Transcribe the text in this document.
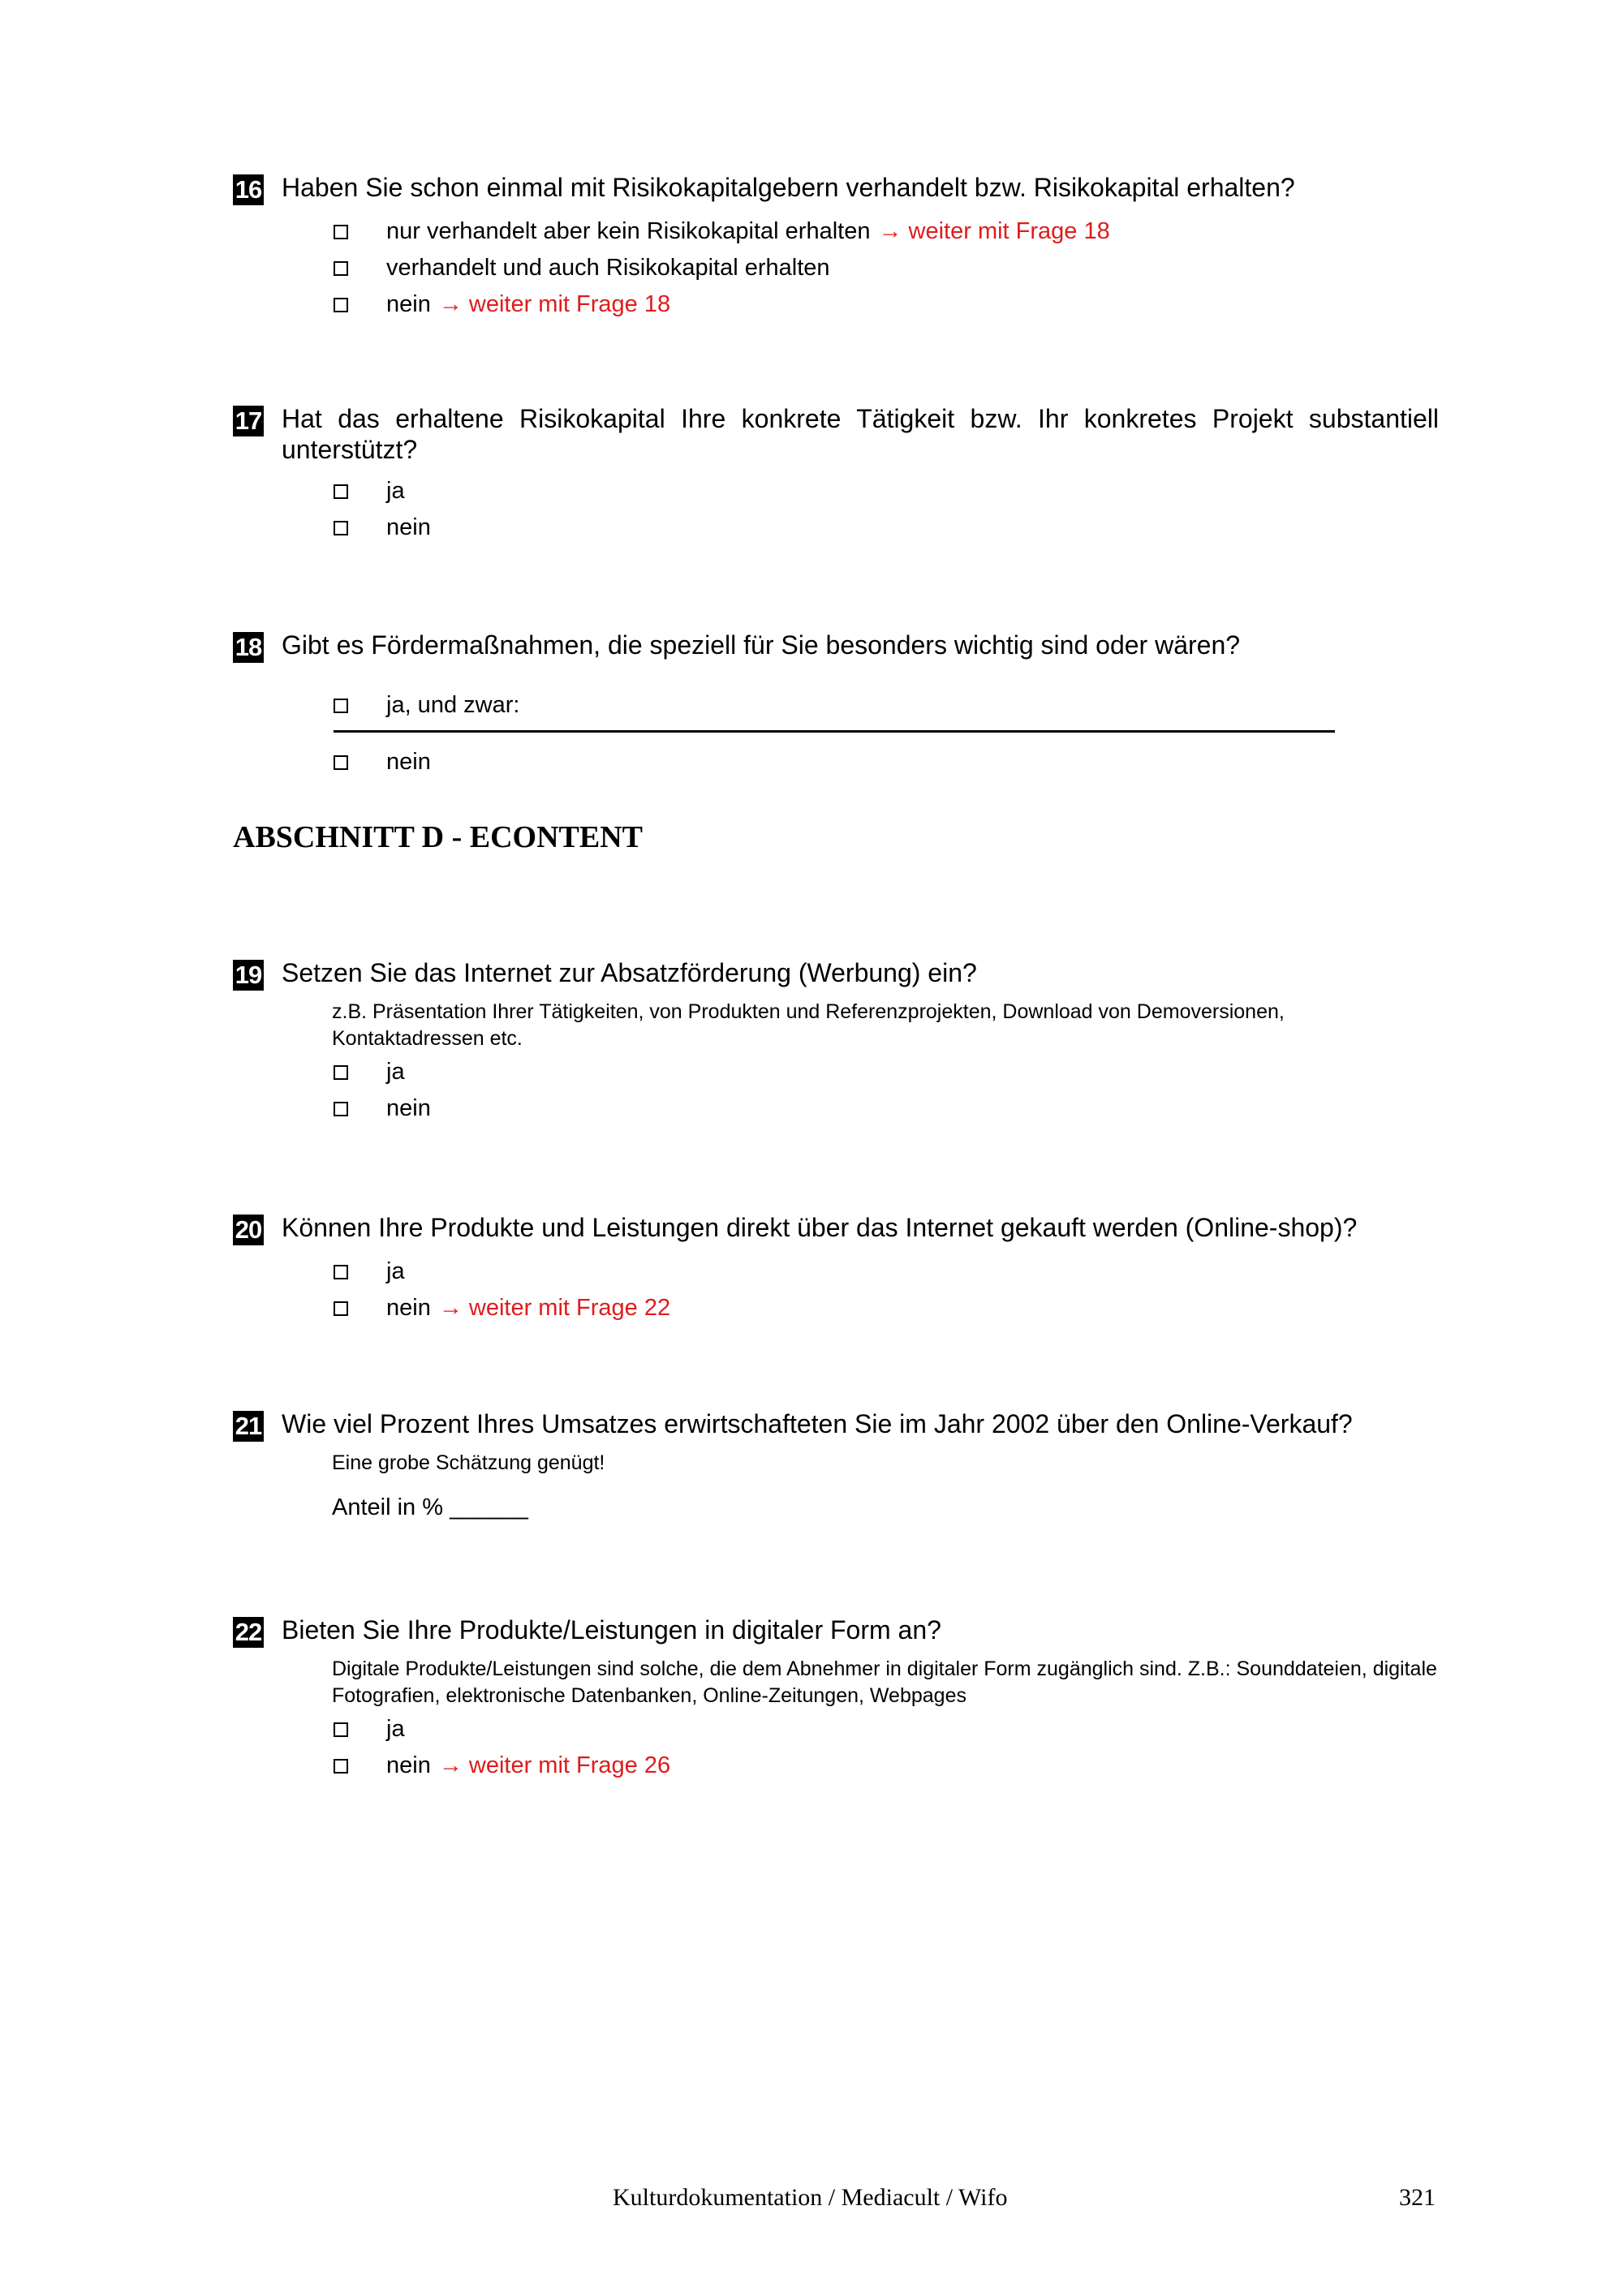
16 Haben Sie schon einmal mit Risikokapitalgebern verhandelt bzw. Risikokapital erhalten?
nur verhandelt aber kein Risikokapital erhalten → weiter mit Frage 18
verhandelt und auch Risikokapital erhalten
nein → weiter mit Frage 18
17 Hat das erhaltene Risikokapital Ihre konkrete Tätigkeit bzw. Ihr konkretes Projekt substantiell unterstützt?
ja
nein
18 Gibt es Fördermaßnahmen, die speziell für Sie besonders wichtig sind oder wären?
ja, und zwar:
nein
ABSCHNITT D - ECONTENT
19 Setzen Sie das Internet zur Absatzförderung (Werbung) ein?
z.B. Präsentation Ihrer Tätigkeiten, von Produkten und Referenzprojekten, Download von Demoversionen, Kontaktadressen etc.
ja
nein
20 Können Ihre Produkte und Leistungen direkt über das Internet gekauft werden (Online-shop)?
ja
nein → weiter mit Frage 22
21 Wie viel Prozent Ihres Umsatzes erwirtschafteten Sie im Jahr 2002 über den Online-Verkauf?
Eine grobe Schätzung genügt!
Anteil in % ______
22 Bieten Sie Ihre Produkte/Leistungen in digitaler Form an?
Digitale Produkte/Leistungen sind solche, die dem Abnehmer in digitaler Form zugänglich sind. Z.B.: Sounddateien, digitale Fotografien, elektronische Datenbanken, Online-Zeitungen, Webpages
ja
nein → weiter mit Frage 26
Kulturdokumentation / Mediacult / Wifo	321
